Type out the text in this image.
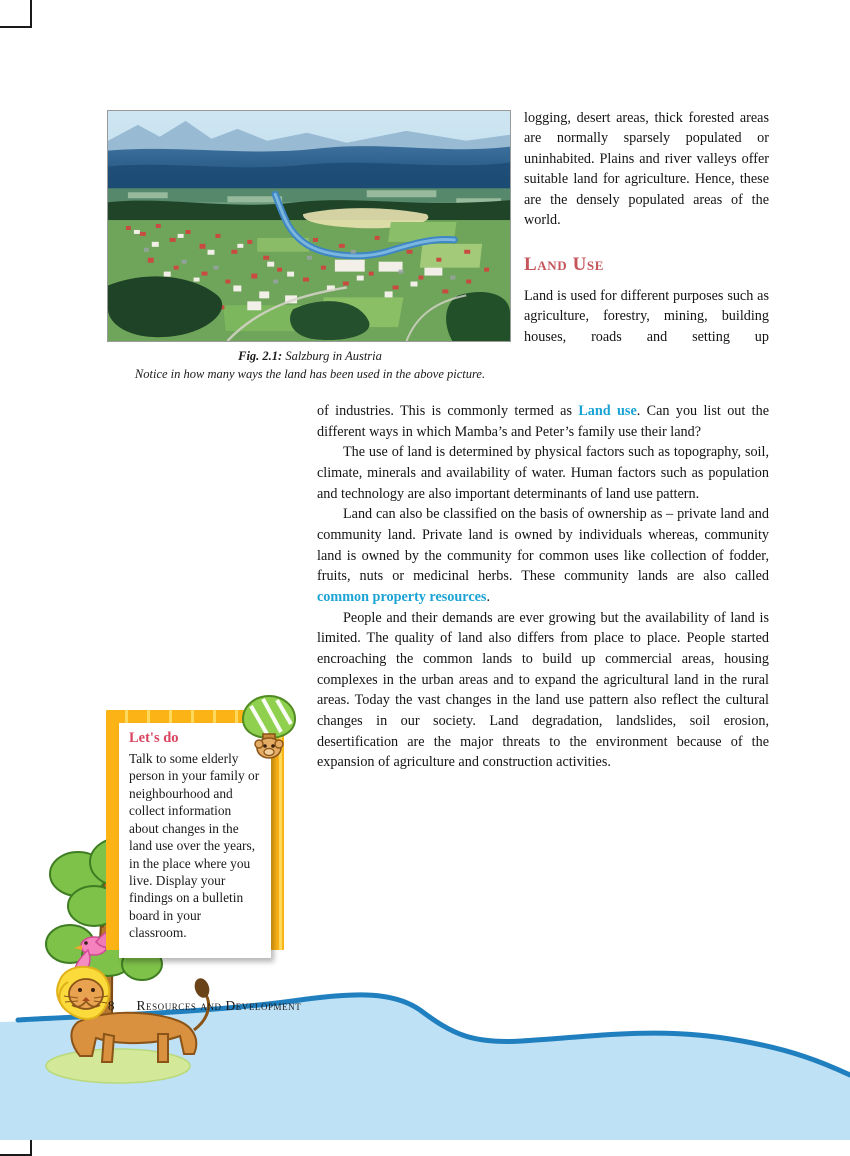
Fig. 2.1: Salzburg in Austria
Notice in how many ways the land has been used in the above picture.

logging, desert areas, thick forested areas are normally sparsely populated or uninhabited. Plains and river valleys offer suitable land for agriculture. Hence, these are the densely populated areas of the world.

Land Use

Land is used for different purposes such as agriculture, forestry, mining, building houses, roads and setting up

of industries. This is commonly termed as Land use. Can you list out the different ways in which Mamba’s and Peter’s family use their land?

The use of land is determined by physical factors such as topography, soil, climate, minerals and availability of water. Human factors such as population and technology are also important determinants of land use pattern.

Land can also be classified on the basis of ownership as – private land and community land. Private land is owned by individuals whereas, community land is owned by the community for common uses like collection of fodder, fruits, nuts or medicinal herbs. These community lands are also called common property resources.

People and their demands are ever growing but the availability of land is limited. The quality of land also differs from place to place. People started encroaching the common lands to build up commercial areas, housing complexes in the urban areas and to expand the agricultural land in the rural areas. Today the vast changes in the land use pattern also reflect the cultural changes in our society. Land degradation, landslides, soil erosion, desertification are the major threats to the environment because of the expansion of agriculture and construction activities.

Let's do

Talk to some elderly person in your family or neighbourhood and collect information about changes in the land use over the years, in the place where you live. Display your findings on a bulletin board in your classroom.

8 Resources and Development
